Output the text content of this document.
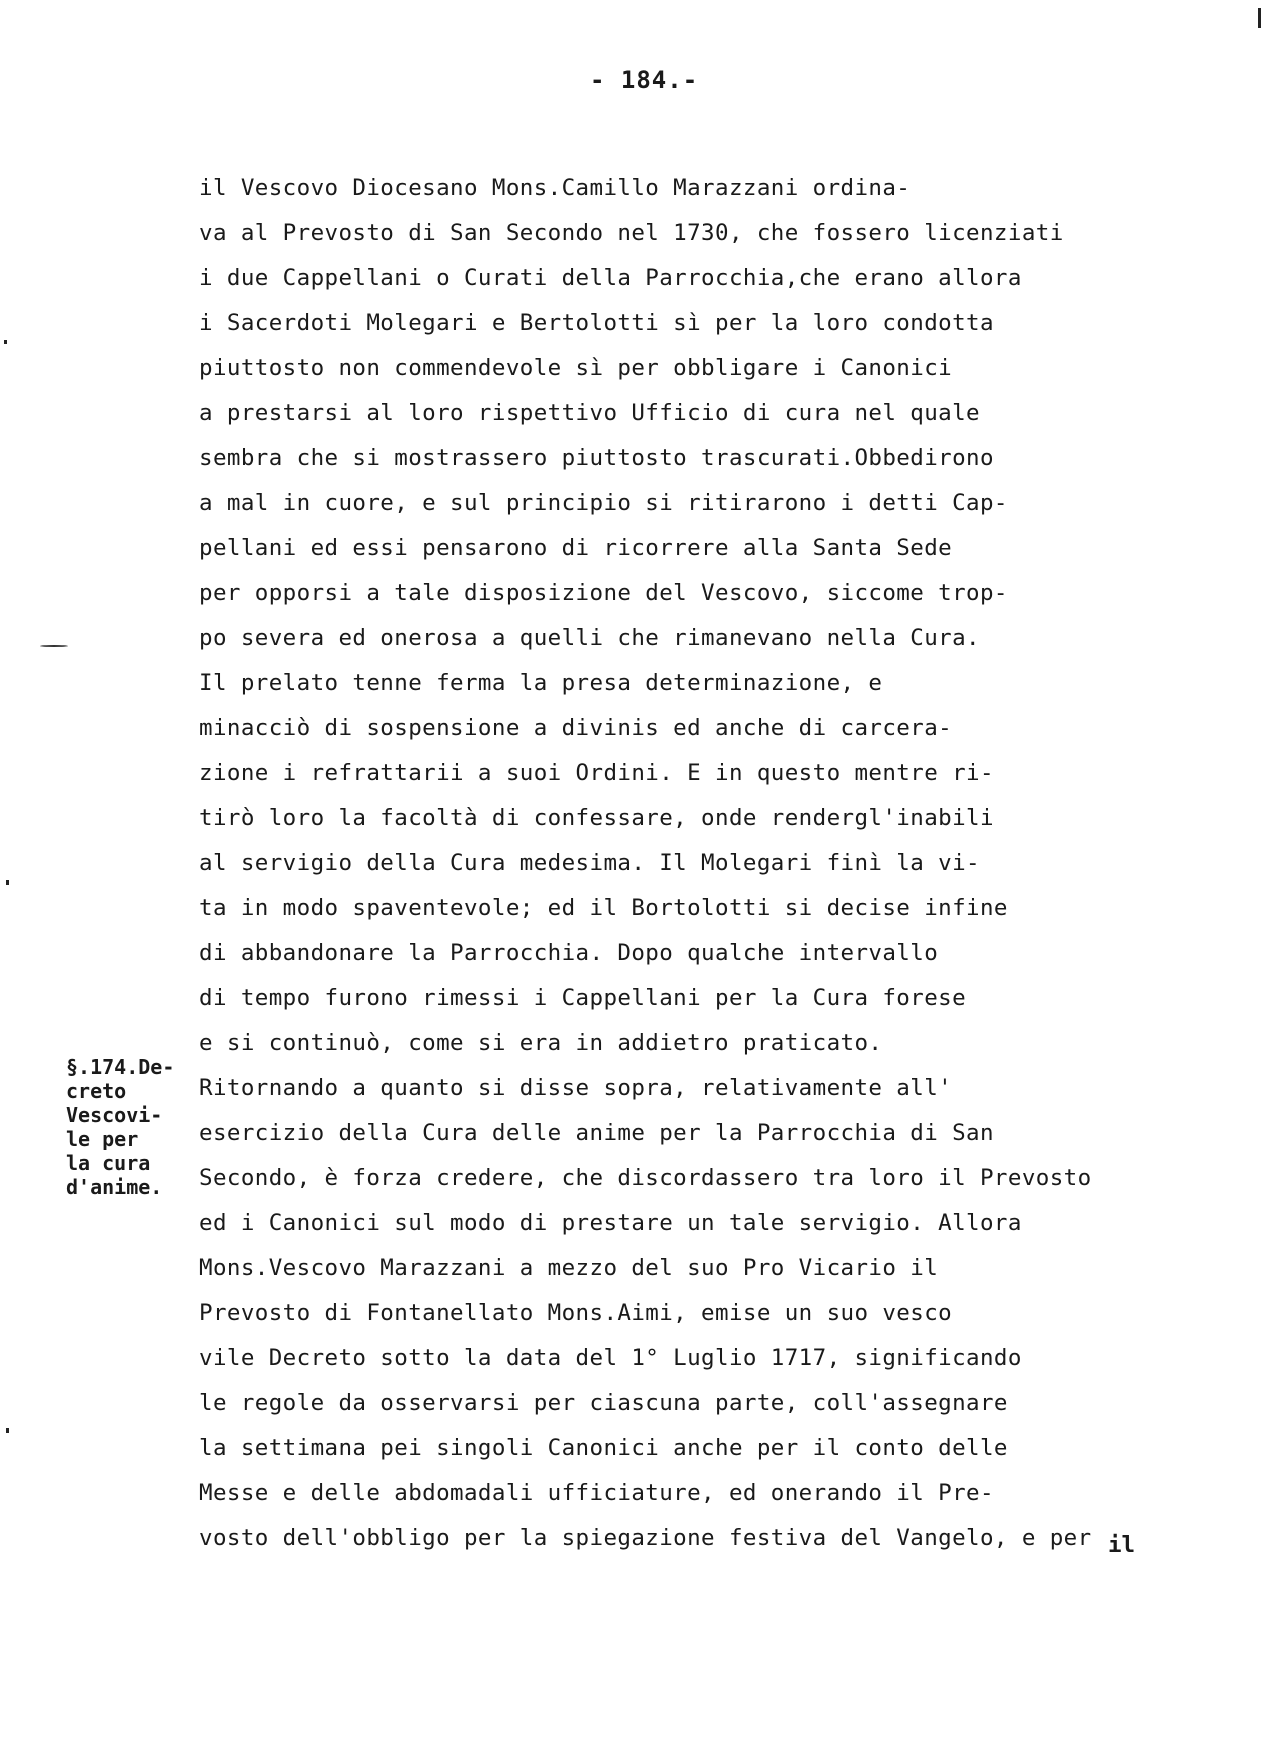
- 184.-
il Vescovo Diocesano Mons.Camillo Marazzani ordina-
va al Prevosto di San Secondo nel 1730, che fossero licenziati
i due Cappellani o Curati della Parrocchia,che erano allora
i Sacerdoti Molegari e Bertolotti sì per la loro condotta
piuttosto non commendevole sì per obbligare i Canonici
a prestarsi al loro rispettivo Ufficio di cura nel quale
sembra che si mostrassero piuttosto trascurati.Obbedirono
a mal in cuore, e sul principio si ritirarono i detti Cap-
pellani ed essi pensarono di ricorrere alla Santa Sede
per opporsi a tale disposizione del Vescovo, siccome trop-
po severa ed onerosa a quelli che rimanevano nella Cura.
Il prelato tenne ferma la presa determinazione, e
minacciò di sospensione a divinis ed anche di carcera-
zione i refrattarii a suoi Ordini. E in questo mentre ri-
tirò loro la facoltà di confessare, onde rendergl'inabili
al servigio della Cura medesima. Il Molegari finì la vi-
ta in modo spaventevole; ed il Bortolotti si decise infine
di abbandonare la Parrocchia. Dopo qualche intervallo
di tempo furono rimessi i Cappellani per la Cura forese
e si continuò, come si era in addietro praticato.
Ritornando a quanto si disse sopra, relativamente all'
esercizio della Cura delle anime per la Parrocchia di San
Secondo, è forza credere, che discordassero tra loro il Prevosto
ed i Canonici sul modo di prestare un tale servigio. Allora
Mons.Vescovo Marazzani a mezzo del suo Pro Vicario il
Prevosto di Fontanellato Mons.Aimi, emise un suo vesco
vile Decreto sotto la data del 1° Luglio 1717, significando
le regole da osservarsi per ciascuna parte, coll'assegnare
la settimana pei singoli Canonici anche per il conto delle
Messe e delle abdomadali ufficiature, ed onerando il Pre-
vosto dell'obbligo per la spiegazione festiva del Vangelo, e per il
§.174.De-
creto
Vescovi-
le per
la cura
d'anime.
